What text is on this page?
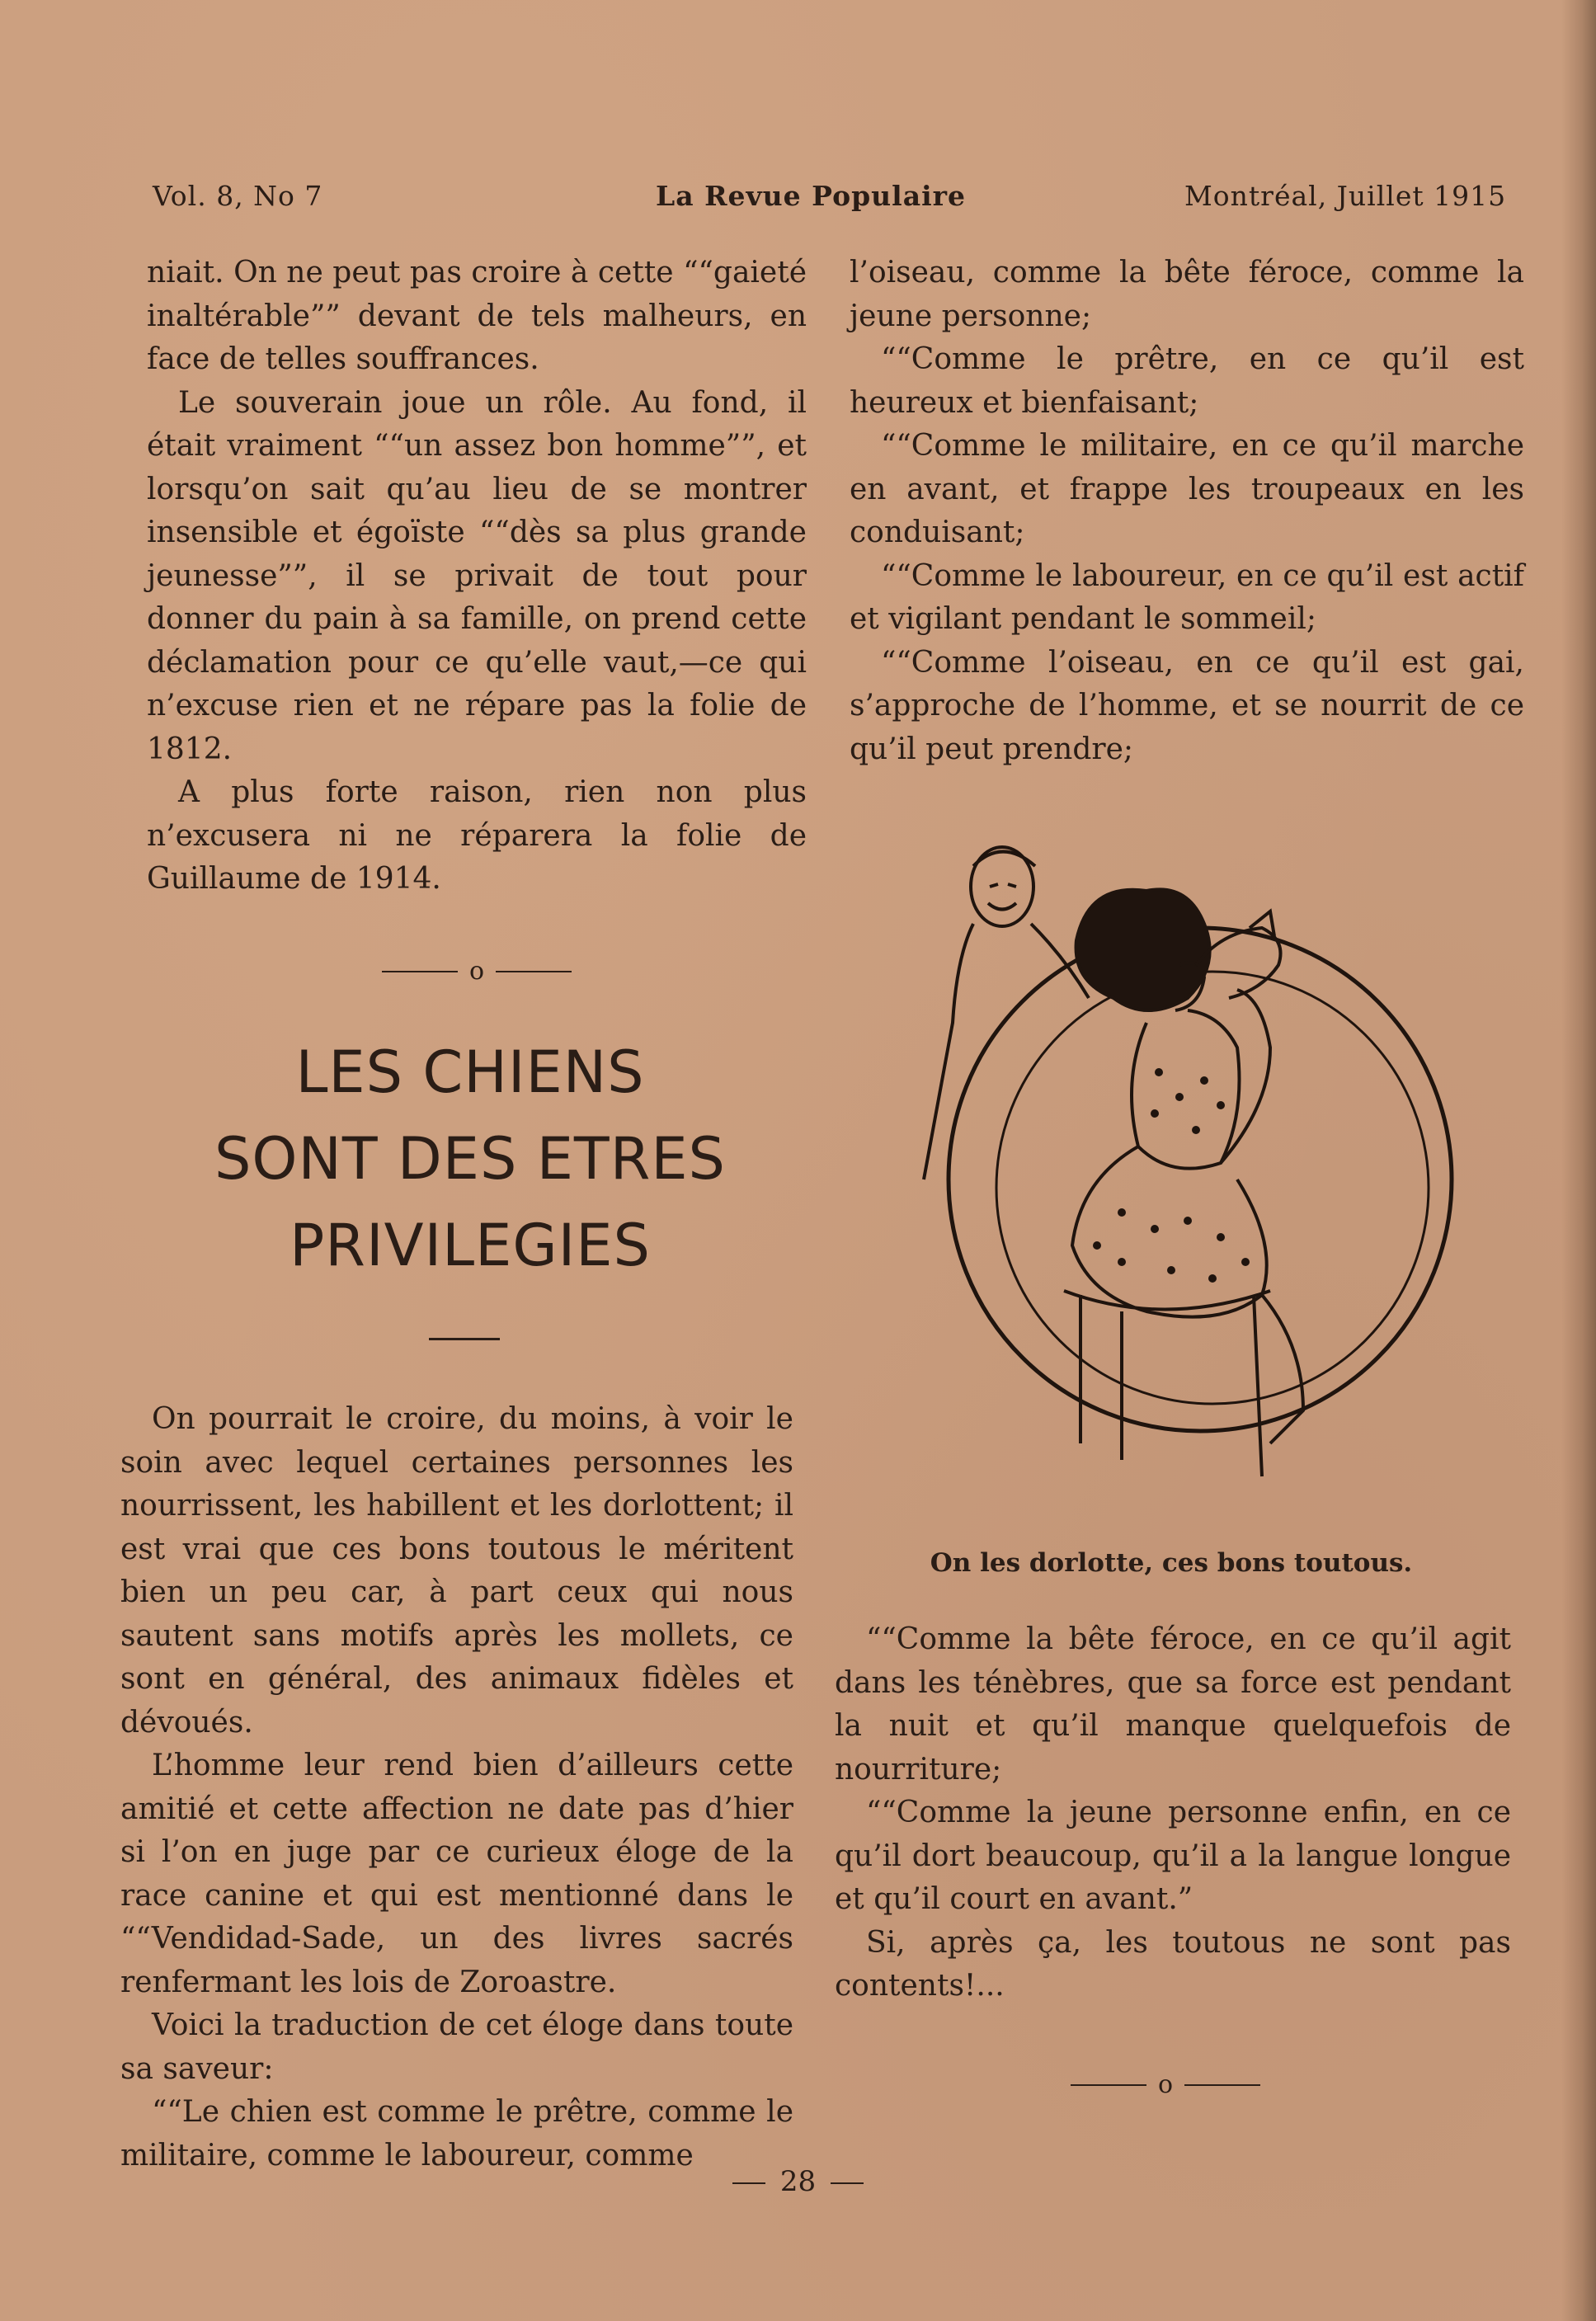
Vol. 8, No 7	La Revue Populaire	Montréal, Juillet 1915

niait. On ne peut pas croire à cette ““gaieté inaltérable”” devant de tels malheurs, en face de telles souffrances.

Le souverain joue un rôle. Au fond, il était vraiment ““un assez bon homme””, et lorsqu’on sait qu’au lieu de se montrer insensible et égoïste ““dès sa plus grande jeunesse””, il se privait de tout pour donner du pain à sa famille, on prend cette déclamation pour ce qu’elle vaut,—ce qui n’excuse rien et ne répare pas la folie de 1812.

A plus forte raison, rien non plus n’excusera ni ne réparera la folie de Guillaume de 1914.

o
LES CHIENS
SONT DES ETRES
PRIVILEGIES

On pourrait le croire, du moins, à voir le soin avec lequel certaines personnes les nourrissent, les habillent et les dorlottent; il est vrai que ces bons toutous le méritent bien un peu car, à part ceux qui nous sautent sans motifs après les mollets, ce sont en général, des animaux fidèles et dévoués.

L’homme leur rend bien d’ailleurs cette amitié et cette affection ne date pas d’hier si l’on en juge par ce curieux éloge de la race canine et qui est mentionné dans le ““Vendidad-Sade, un des livres sacrés renfermant les lois de Zoroastre.

Voici la traduction de cet éloge dans toute sa saveur:

““Le chien est comme le prêtre, comme le militaire, comme le laboureur, comme

l’oiseau, comme la bête féroce, comme la jeune personne;

““Comme le prêtre, en ce qu’il est heureux et bienfaisant;

““Comme le militaire, en ce qu’il marche en avant, et frappe les troupeaux en les conduisant;

““Comme le laboureur, en ce qu’il est actif et vigilant pendant le sommeil;

““Comme l’oiseau, en ce qu’il est gai, s’approche de l’homme, et se nourrit de ce qu’il peut prendre;

On les dorlotte, ces bons toutous.

““Comme la bête féroce, en ce qu’il agit dans les ténèbres, que sa force est pendant la nuit et qu’il manque quelquefois de nourriture;

““Comme la jeune personne enfin, en ce qu’il dort beaucoup, qu’il a la langue longue et qu’il court en avant.”

Si, après ça, les toutous ne sont pas contents!...

o
28
